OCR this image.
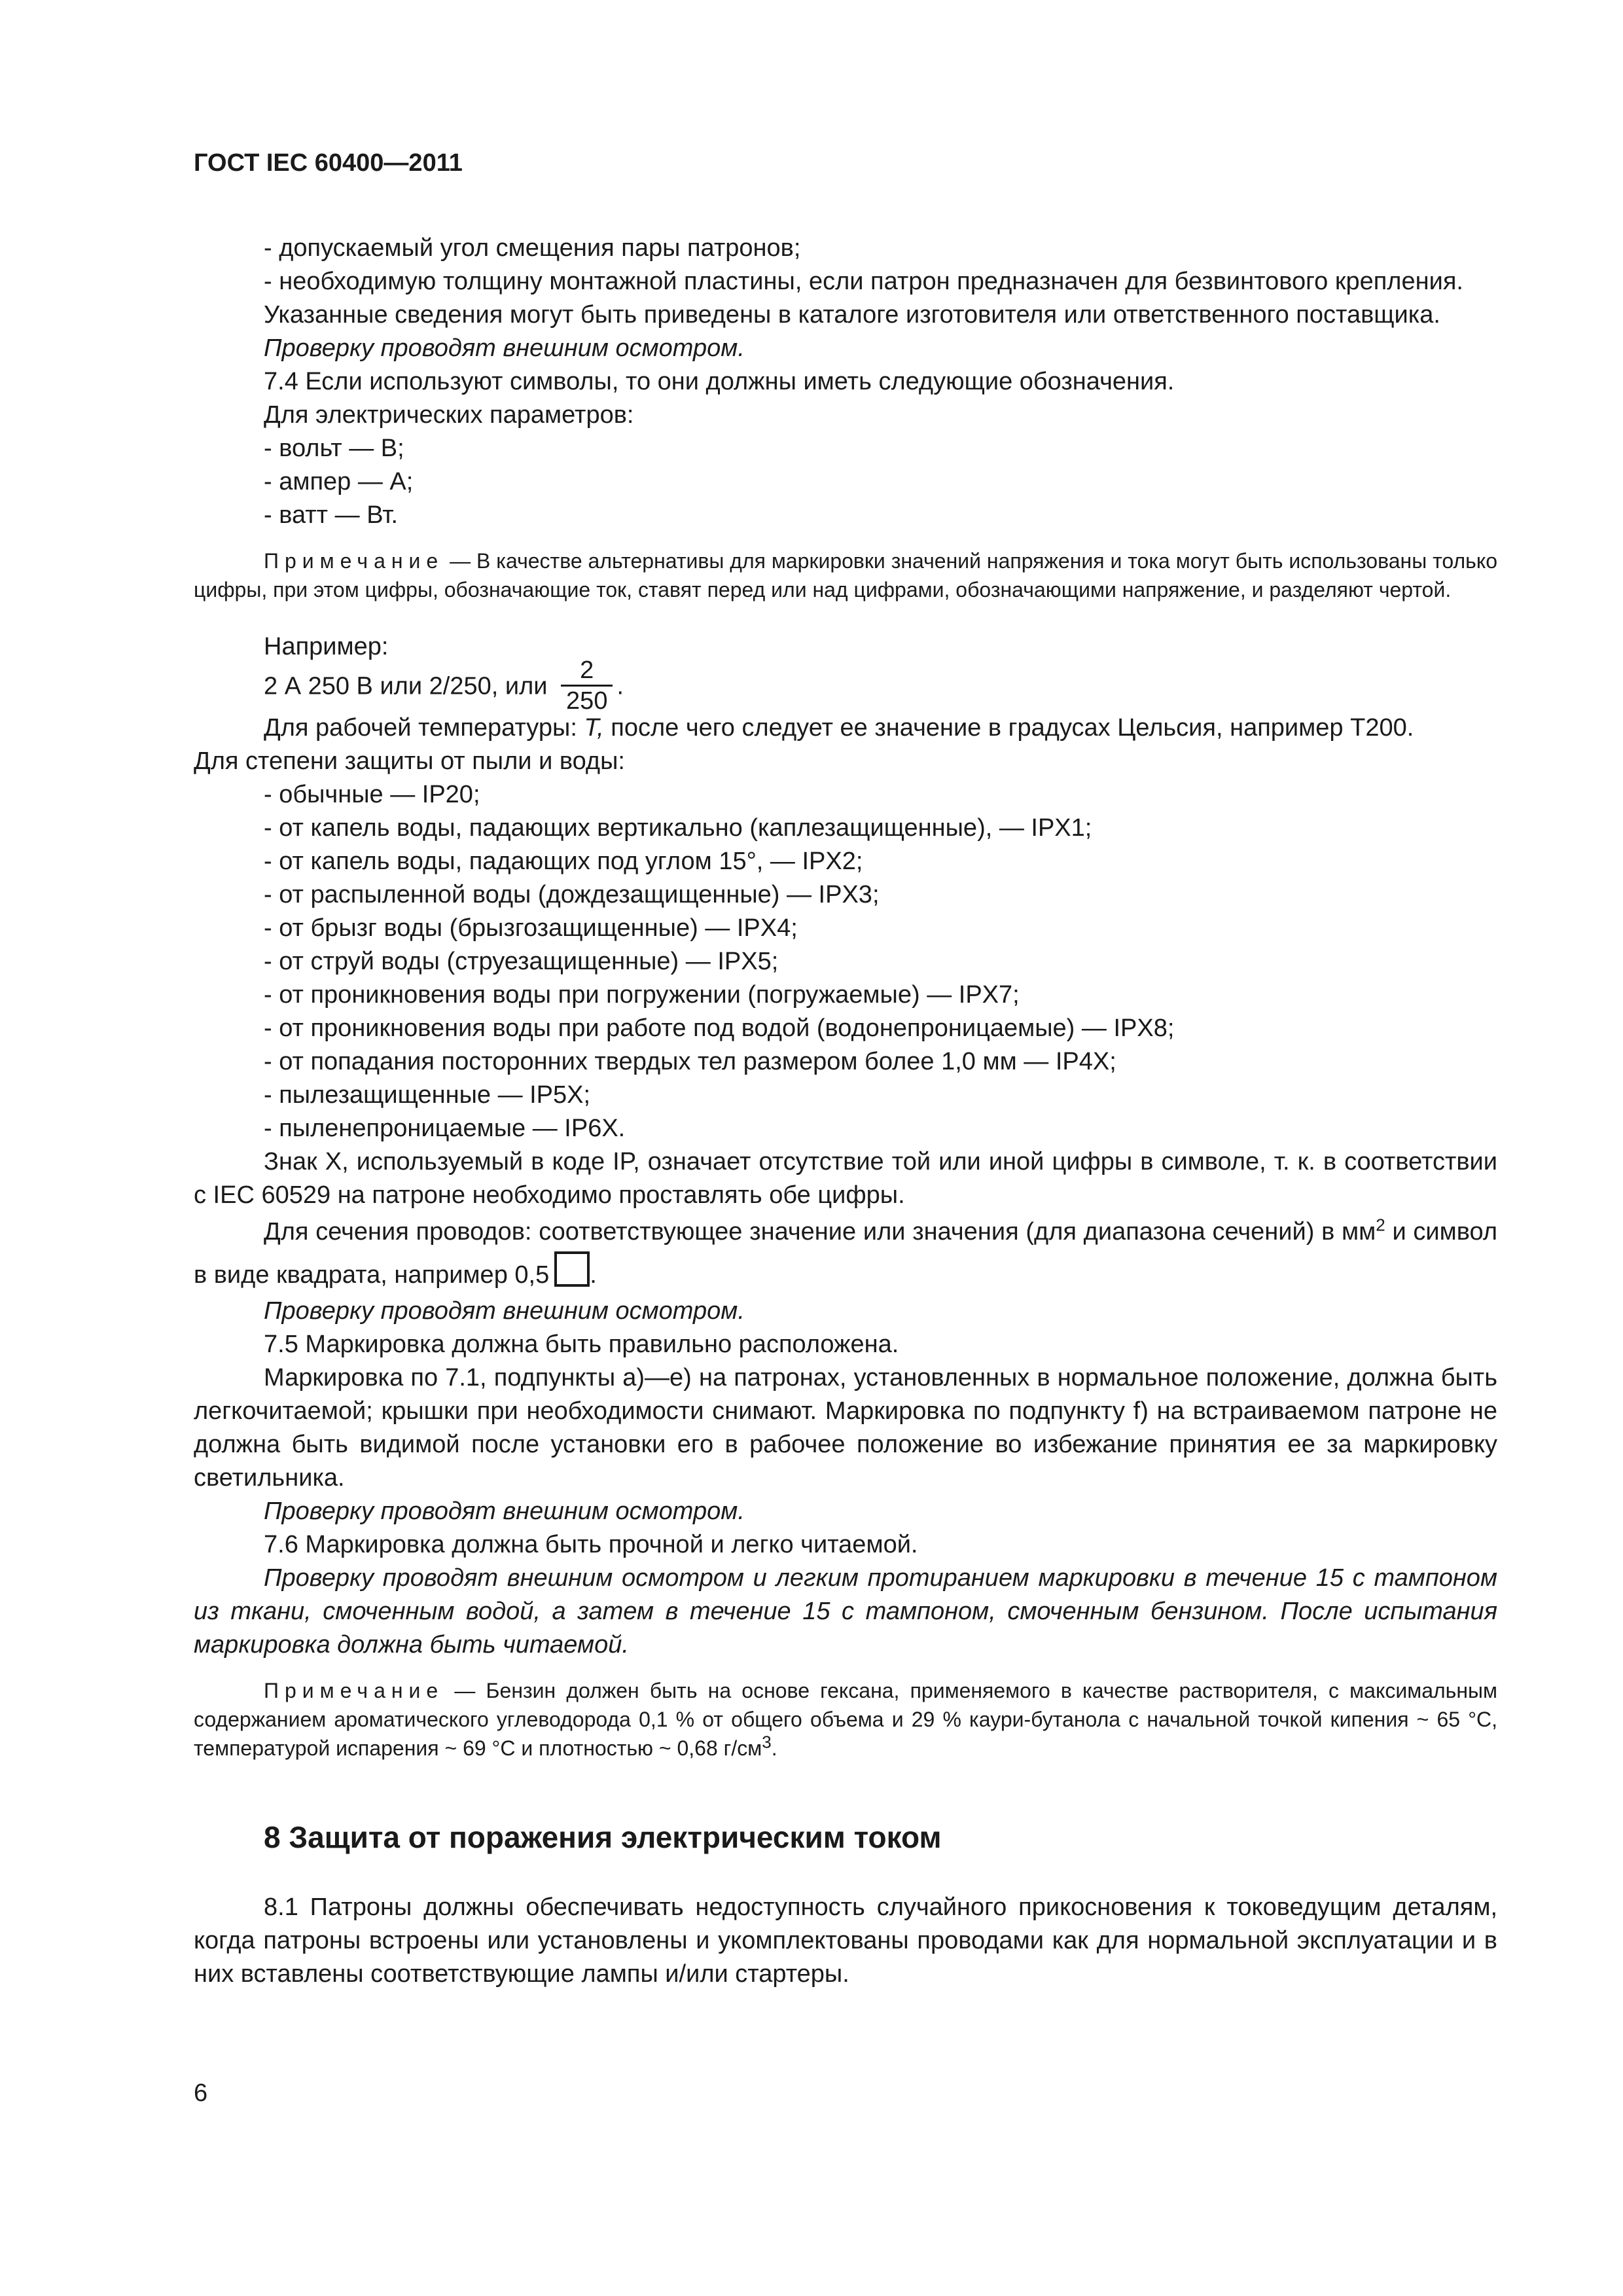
ГОСТ IEC 60400—2011

- допускаемый угол смещения пары патронов;

- необходимую толщину монтажной пластины, если патрон предназначен для безвинтового крепления.

Указанные сведения могут быть приведены в каталоге изготовителя или ответственного поставщика.

Проверку проводят внешним осмотром.

7.4 Если используют символы, то они должны иметь следующие обозначения.

Для электрических параметров:

- вольт — В;

- ампер — А;

- ватт — Вт.

Примечание — В качестве альтернативы для маркировки значений напряжения и тока могут быть использованы только цифры, при этом цифры, обозначающие ток, ставят перед или над цифрами, обозначающими напряжение, и разделяют чертой.

Например:

2 А 250 В или 2/250, или $\frac{2}{250}$ .

Для рабочей температуры: T, после чего следует ее значение в градусах Цельсия, например Т200.

Для степени защиты от пыли и воды:

- обычные — IP20;

- от капель воды, падающих вертикально (каплезащищенные), — IPX1;

- от капель воды, падающих под углом 15°, — IPX2;

- от распыленной воды (дождезащищенные) — IPX3;

- от брызг воды (брызгозащищенные) — IPX4;

- от струй воды (струезащищенные) — IPX5;

- от проникновения воды при погружении (погружаемые) — IPX7;

- от проникновения воды при работе под водой (водонепроницаемые) — IPX8;

- от попадания посторонних твердых тел размером более 1,0 мм — IP4X;

- пылезащищенные — IP5X;

- пыленепроницаемые — IP6X.

Знак X, используемый в коде IP, означает отсутствие той или иной цифры в символе, т. к. в соответствии с IEC 60529 на патроне необходимо проставлять обе цифры.

Для сечения проводов: соответствующее значение или значения (для диапазона сечений) в $мм^2$ и символ в виде квадрата, например 0,5 .

Проверку проводят внешним осмотром.

7.5 Маркировка должна быть правильно расположена.

Маркировка по 7.1, подпункты а)—е) на патронах, установленных в нормальное положение, должна быть легкочитаемой; крышки при необходимости снимают. Маркировка по подпункту f) на встраиваемом патроне не должна быть видимой после установки его в рабочее положение во избежание принятия ее за маркировку светильника.

Проверку проводят внешним осмотром.

7.6 Маркировка должна быть прочной и легко читаемой.

Проверку проводят внешним осмотром и легким протиранием маркировки в течение 15 с тампоном из ткани, смоченным водой, а затем в течение 15 с тампоном, смоченным бензином. После испытания маркировка должна быть читаемой.

Примечание — Бензин должен быть на основе гексана, применяемого в качестве растворителя, с максимальным содержанием ароматического углеводорода 0,1 % от общего объема и 29 % каури-бутанола с начальной точкой кипения ~ 65 °С, температурой испарения ~ 69 °С и плотностью ~ 0,68 $г/см^3$.

8 Защита от поражения электрическим током

8.1 Патроны должны обеспечивать недоступность случайного прикосновения к токоведущим деталям, когда патроны встроены или установлены и укомплектованы проводами как для нормальной эксплуатации и в них вставлены соответствующие лампы и/или стартеры.

6
